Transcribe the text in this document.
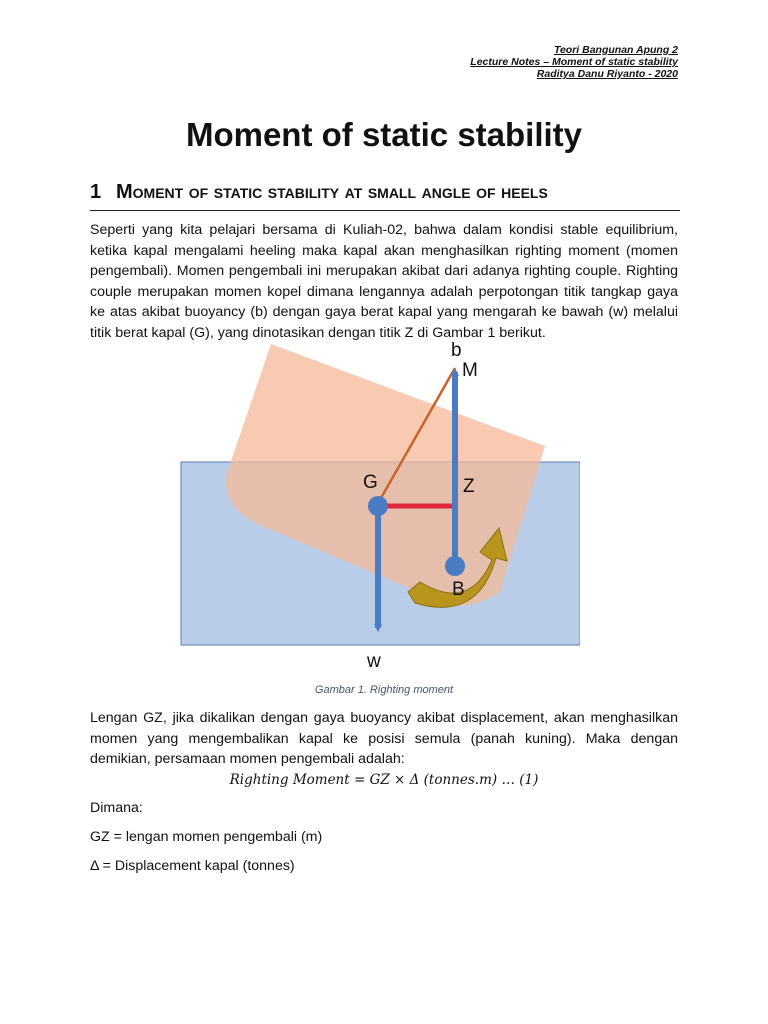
Teori Bangunan Apung 2
Lecture Notes – Moment of static stability
Raditya Danu Riyanto - 2020
Moment of static stability
1 Moment of static stability at small angle of heels

Seperti yang kita pelajari bersama di Kuliah-02, bahwa dalam kondisi stable equilibrium, ketika kapal mengalami heeling maka kapal akan menghasilkan righting moment (momen pengembali). Momen pengembali ini merupakan akibat dari adanya righting couple. Righting couple merupakan momen kopel dimana lengannya adalah perpotongan titik tangkap gaya ke atas akibat buoyancy (b) dengan gaya berat kapal yang mengarah ke bawah (w) melalui titik berat kapal (G), yang dinotasikan dengan titik Z di Gambar 1 berikut.

b
M
G	Z
B
w
Gambar 1. Righting moment

Lengan GZ, jika dikalikan dengan gaya buoyancy akibat displacement, akan menghasilkan momen yang mengembalikan kapal ke posisi semula (panah kuning). Maka dengan demikian, persamaan momen pengembali adalah:

Righting Moment = GZ × Δ (tonnes.m) … (1)
Dimana:
GZ = lengan momen pengembali (m)
Δ = Displacement kapal (tonnes)
